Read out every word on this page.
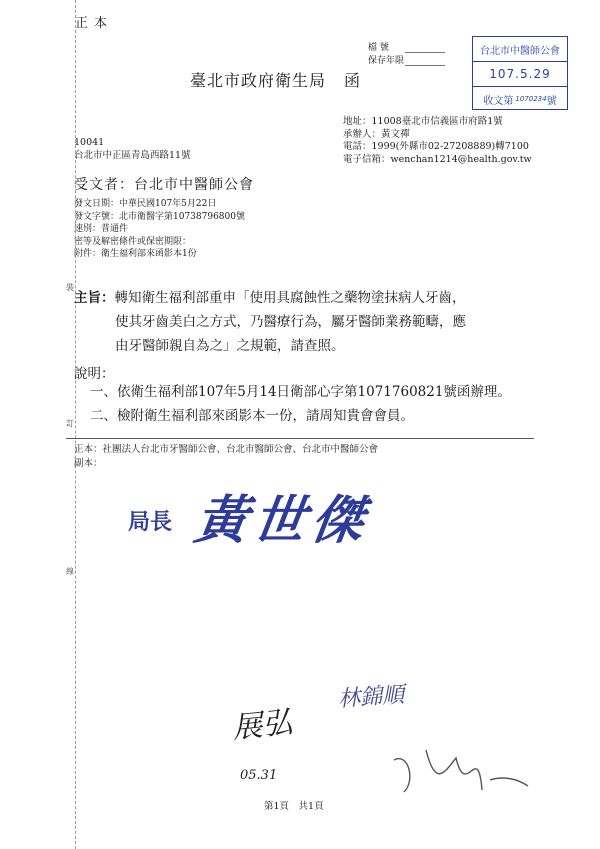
正本
檔 號
保存年限
臺北市政府衛生局 函
台北市中醫師公會
107.5.29
收文第 1070234 號
地址：11008臺北市信義區市府路1號
承辦人：黃文禪
電話：1999(外縣市02-27208889)轉7100
電子信箱：wenchan1214@health.gov.tw
10041
台北市中正區青島西路11號
受文者：台北市中醫師公會
發文日期：中華民國107年5月22日
發文字號：北市衛醫字第10738796800號
速別：普通件
密等及解密條件或保密期限：
附件：衛生福利部來函影本1份
裝
訂
線
主旨：轉知衛生福利部重申「使用具腐蝕性之藥物塗抹病人牙齒，
使其牙齒美白之方式，乃醫療行為，屬牙醫師業務範疇，應
由牙醫師親自為之」之規範，請查照。
說明：
一、依衛生福利部107年5月14日衛部心字第1071760821號函辦理。
二、檢附衛生福利部來函影本一份，請周知貴會會員。
正本：社團法人台北市牙醫師公會、台北市醫師公會、台北市中醫師公會
副本：
局長 黃世傑
林錦順
展弘
05.31
第1頁　共1頁
